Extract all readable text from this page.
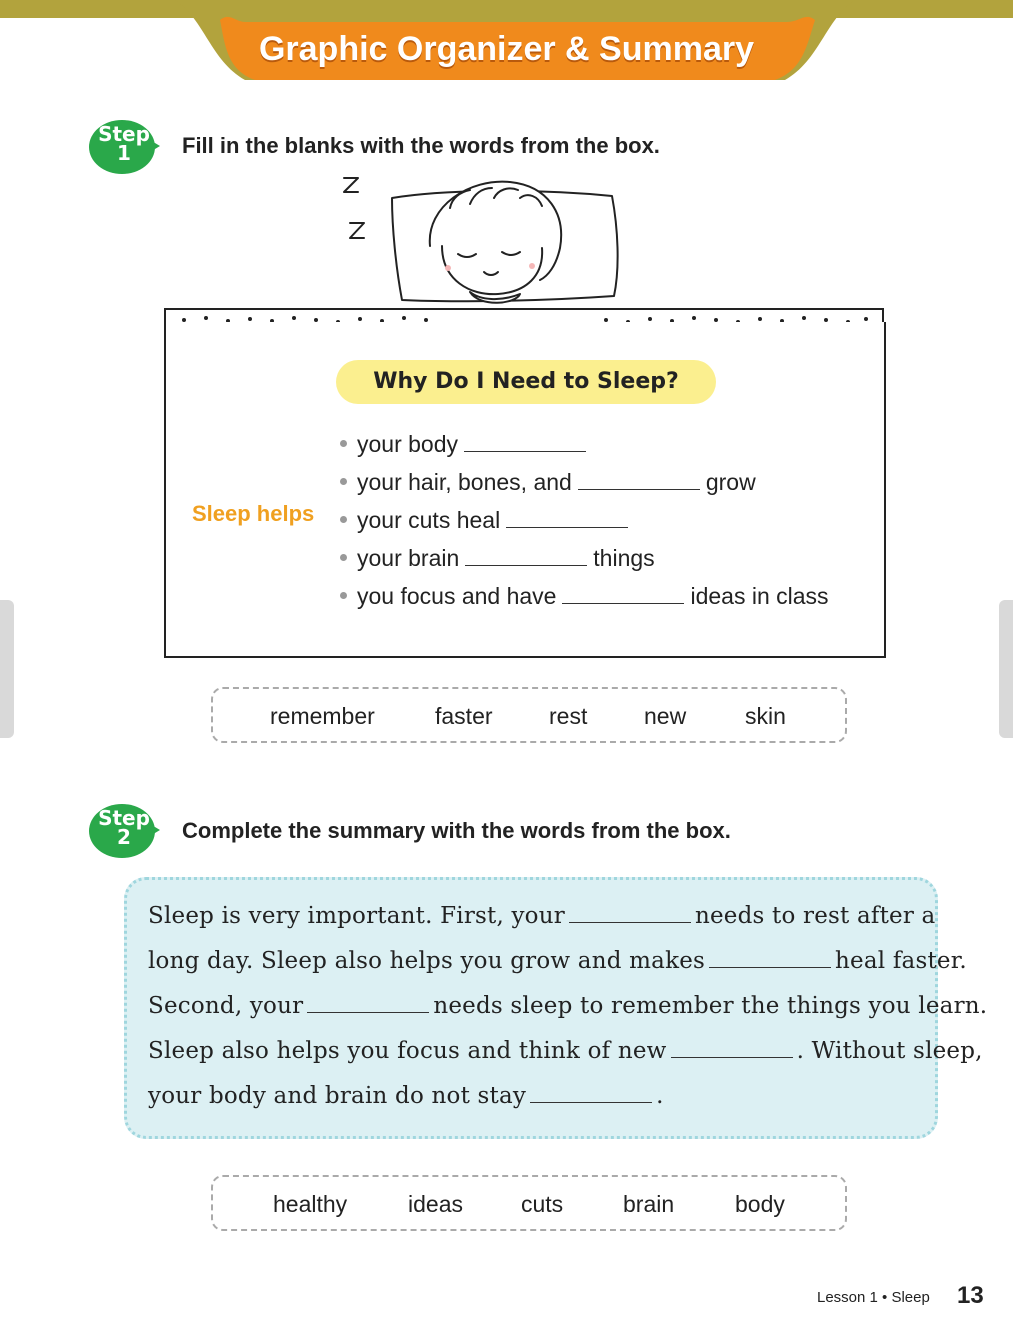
Graphic Organizer & Summary
Step
1	Fill in the blanks with the words from the box.
Why Do I Need to Sleep?
Sleep helps
your body
your hair, bones, and	grow
your cuts heal
your brain	things
you focus and have	ideas in class
remember	faster rest new	skin
Step
2	Complete the summary with the words from the box.
Sleep is very important. First, your	needs to rest after a
long day. Sleep also helps you grow and makes	heal faster.
Second, your	needs sleep to remember the things you learn.
Sleep also helps you focus and think of new	. Without sleep,
your body and brain do not stay	.
healthy	ideas	cuts	brain	body
Lesson 1 • Sleep 13
